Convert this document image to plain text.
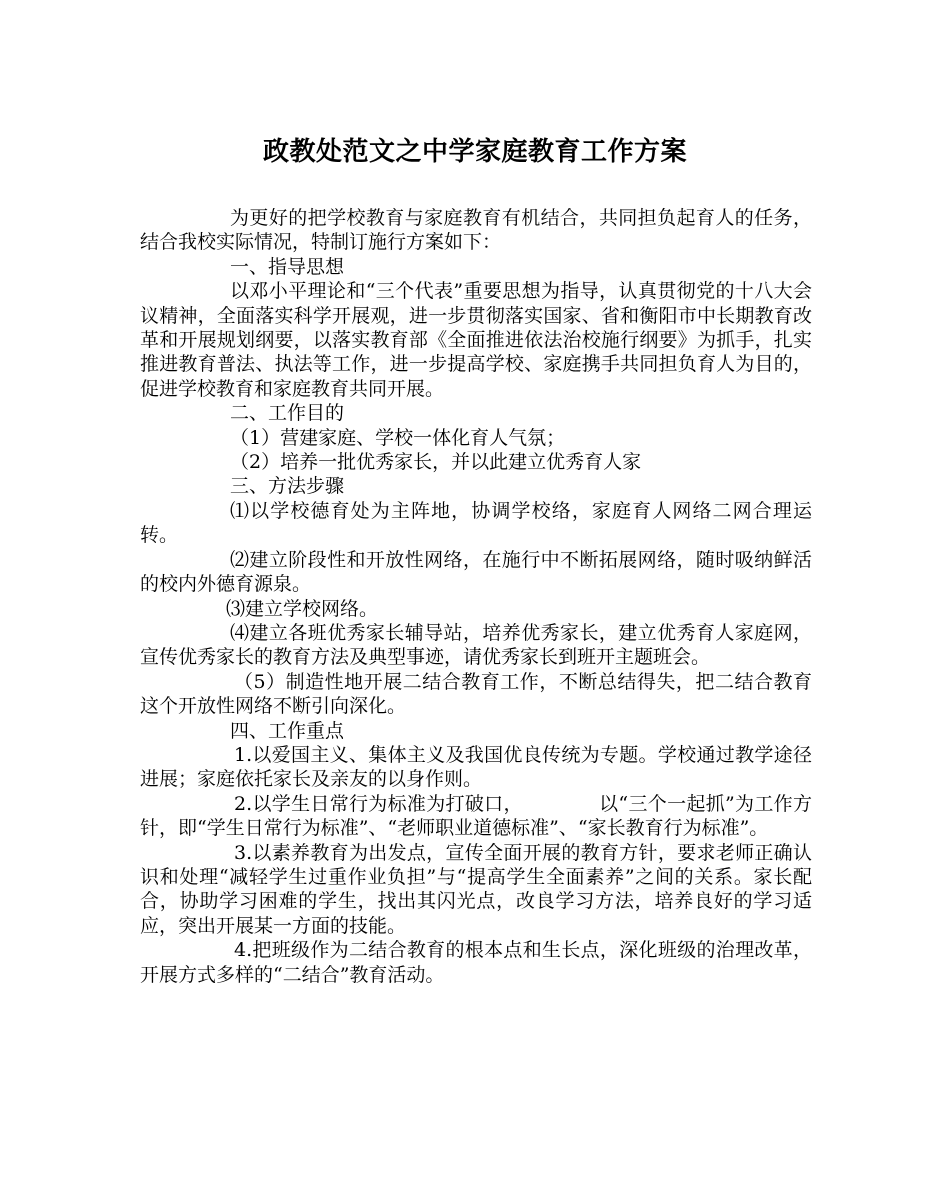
政教处范文之中学家庭教育工作方案

为更好的把学校教育与家庭教育有机结合，共同担负起育人的任务，结合我校实际情况，特制订施行方案如下：

一、指导思想

以邓小平理论和“三个代表”重要思想为指导，认真贯彻党的十八大会议精神，全面落实科学开展观，进一步贯彻落实国家、省和衡阳市中长期教育改革和开展规划纲要，以落实教育部《全面推进依法治校施行纲要》为抓手，扎实推进教育普法、执法等工作，进一步提高学校、家庭携手共同担负育人为目的，促进学校教育和家庭教育共同开展。

二、工作目的

（1）营建家庭、学校一体化育人气氛；

（2）培养一批优秀家长，并以此建立优秀育人家

三、方法步骤

⑴以学校德育处为主阵地，协调学校络，家庭育人网络二网合理运转。

⑵建立阶段性和开放性网络，在施行中不断拓展网络，随时吸纳鲜活的校内外德育源泉。

⑶建立学校网络。

⑷建立各班优秀家长辅导站，培养优秀家长，建立优秀育人家庭网，宣传优秀家长的教育方法及典型事迹，请优秀家长到班开主题班会。

（5）制造性地开展二结合教育工作，不断总结得失，把二结合教育这个开放性网络不断引向深化。

四、工作重点

1.以爱国主义、集体主义及我国优良传统为专题。学校通过教学途径进展；家庭依托家长及亲友的以身作则。

2.以学生日常行为标准为打破口，	以“三个一起抓”为工作方针，即“学生日常行为标准”、“老师职业道德标准”、“家长教育行为标准”。

3.以素养教育为出发点，宣传全面开展的教育方针，要求老师正确认识和处理“减轻学生过重作业负担”与“提高学生全面素养”之间的关系。家长配合，协助学习困难的学生，找出其闪光点，改良学习方法，培养良好的学习适应，突出开展某一方面的技能。

4.把班级作为二结合教育的根本点和生长点，深化班级的治理改革，开展方式多样的“二结合”教育活动。
